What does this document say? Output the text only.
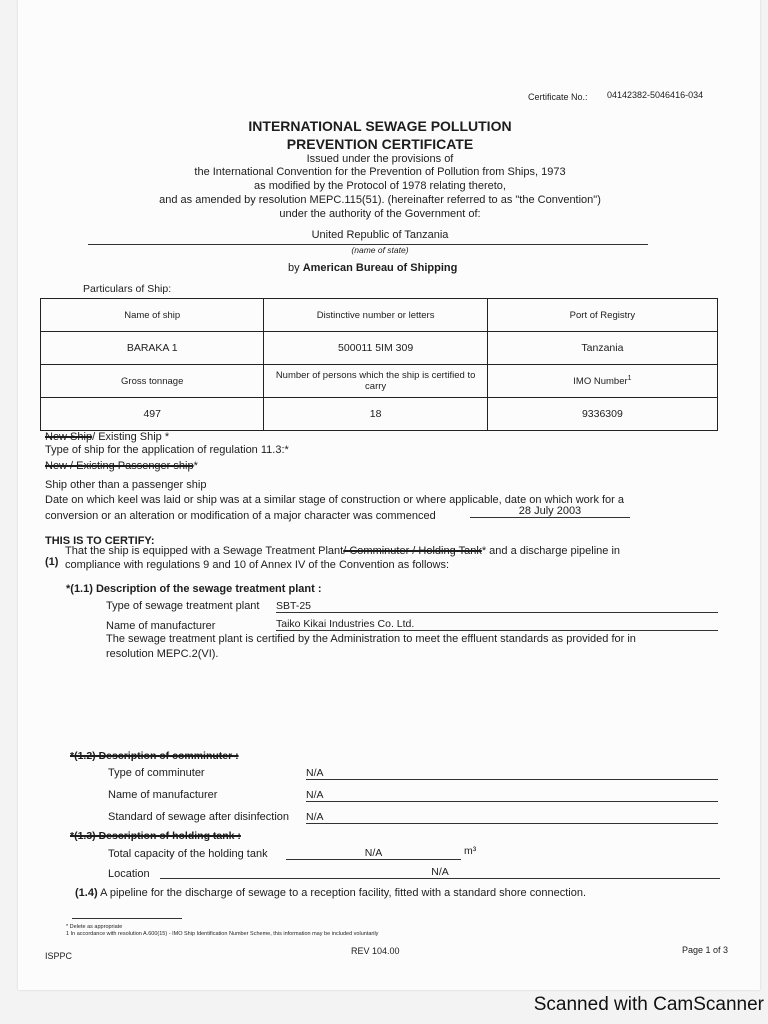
Certificate No.: 04142382-5046416-034
INTERNATIONAL SEWAGE POLLUTION
PREVENTION CERTIFICATE
Issued under the provisions of
the International Convention for the Prevention of Pollution from Ships, 1973
as modified by the Protocol of 1978 relating thereto,
and as amended by resolution MEPC.115(51). (hereinafter referred to as "the Convention")
under the authority of the Government of:
United Republic of Tanzania
(name of state)
by American Bureau of Shipping
Particulars of Ship:
Name of ship	Distinctive number or letters	Port of Registry
BARAKA 1	500011 5IM 309	Tanzania
Gross tonnage	Number of persons which the ship is certified to carry	IMO Number$^1$
497	18	9336309
New Ship/ Existing Ship *
Type of ship for the application of regulation 11.3:*
New / Existing Passenger ship*
Ship other than a passenger ship
Date on which keel was laid or ship was at a similar stage of construction or where applicable, date on which work for a
conversion or an alteration or modification of a major character was commenced	28 July 2003
THIS IS TO CERTIFY:
(1)
That the ship is equipped with a Sewage Treatment Plant/ Comminuter / Holding Tank* and a discharge pipeline in
compliance with regulations 9 and 10 of Annex IV of the Convention as follows:
*(1.1) Description of the sewage treatment plant :
Type of sewage treatment plant SBT-25
Name of manufacturer	Taiko Kikai Industries Co. Ltd.
The sewage treatment plant is certified by the Administration to meet the effluent standards as provided for in
resolution MEPC.2(VI).
*(1.2) Description of comminuter :
Type of comminuter	N/A
Name of manufacturer	N/A
Standard of sewage after disinfection N/A
*(1.3) Description of holding tank :
Total capacity of the holding tank	N/A	m³
Location	N/A
(1.4) A pipeline for the discharge of sewage to a reception facility, fitted with a standard shore connection.
* Delete as appropriate
1 In accordance with resolution A.600(15) - IMO Ship Identification Number Scheme, this information may be included voluntarily
ISPPC	REV 104.00	Page 1 of 3
Scanned with CamScanner
